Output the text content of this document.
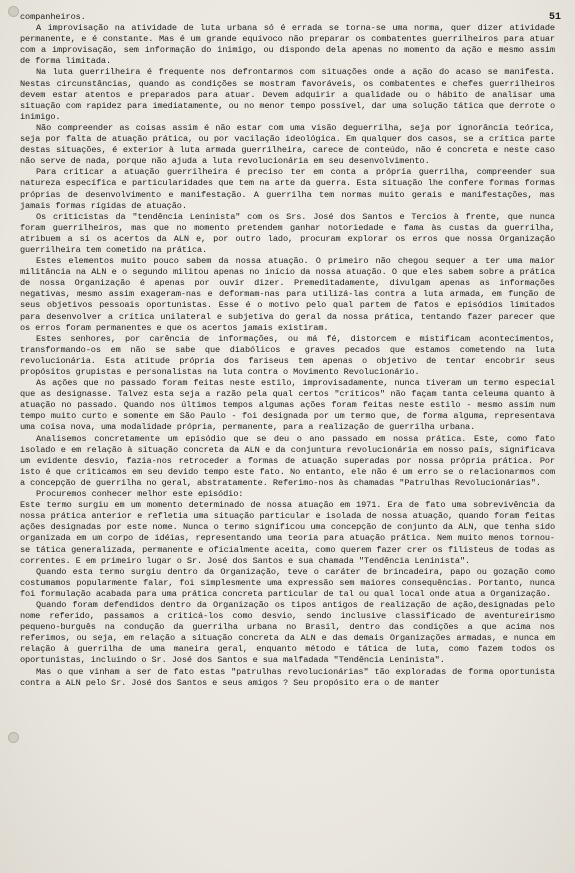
51

companheiros.

A improvisação na atividade de luta urbana só é errada se torna-se uma norma, quer dizer atividade permanente, e é constante. Mas é um grande equívoco não preparar os combatentes guerrilheiros para atuar com a improvisação, sem informação do inimigo, ou dispondo dela apenas no momento da ação e mesmo assim de forma limitada.

Na luta guerrilheira é frequente nos defrontarmos com situações onde a ação do acaso se manifesta. Nestas circunstâncias, quando as condições se mostram favoráveis, os combatentes e chefes guerrilheiros devem estar atentos e preparados para atuar. Devem adquirir a qualidade ou o hábito de analisar uma situação com rapidez para imediatamente, ou no menor tempo possível, dar uma solução tática que derrote o inimigo.

Não compreender as coisas assim é não estar com uma visão deguerrilha, seja por ignorância teórica, seja por falta de atuação prática, ou por vacilação ideológica. Em qualquer dos casos, se a crítica parte destas situações, é exterior à luta armada guerrilheira, carece de conteúdo, não é concreta e neste caso não serve de nada, porque não ajuda a luta revolucionária em seu desenvolvimento.

Para criticar a atuação guerrilheira é preciso ter em conta a própria guerrilha, compreender sua natureza específica e particularidades que tem na arte da guerra. Esta situação lhe confere formas formas próprias de desenvolvimento e manifestação. A guerrilha tem normas muito gerais e manifestações, mas jamais formas rígidas de atuação.

Os criticistas da "tendência Leninista" com os Srs. José dos Santos e Tercios à frente, que nunca foram guerrilheiros, mas que no momento pretendem ganhar notoriedade e fama às custas da guerrilha, atribuem a si os acertos da ALN e, por outro lado, procuram explorar os erros que nossa Organização guerrilheira tem cometido na prática.

Estes elementos muito pouco sabem da nossa atuação. O primeiro não chegou sequer a ter uma maior militância na ALN e o segundo militou apenas no início da nossa atuação. O que eles sabem sobre a prática de nossa Organização é apenas por ouvir dizer. Premeditadamente, divulgam apenas as informações negativas, mesmo assim exageram-nas e deformam-nas para utilizá-las contra a luta armada, em função de seus objetivos pessoais oportunistas. Esse é o motivo pelo qual partem de fatos e episódios limitados para desenvolver a crítica unilateral e subjetiva do geral da nossa prática, tentando fazer parecer que os erros foram permanentes e que os acertos jamais existiram.

Estes senhores, por carência de informações, ou má fé, distorcem e mistificam acontecimentos, transformando-os em não se sabe que diabólicos e graves pecados que estamos cometendo na luta revolucionária. Esta atitude própria dos fariseus tem apenas o objetivo de tentar encobrir seus propósitos grupistas e personalistas na luta contra o Movimento Revolucionário.

As ações que no passado foram feitas neste estilo, improvisadamente, nunca tiveram um termo especial que as designasse. Talvez esta seja a razão pela qual certos "críticos" não façam tanta celeuma quanto à atuação no passado. Quando nos últimos tempos algumas ações foram feitas neste estilo - mesmo assim num tempo muito curto e somente em São Paulo - foi designada por um termo que, de forma alguma, representava uma coisa nova, uma modalidade própria, permanente, para a realização de guerrilha urbana.

Analisemos concretamente um episódio que se deu o ano passado em nossa prática. Este, como fato isolado e em relação à situação concreta da ALN e da conjuntura revolucionária em nosso país, significava um evidente desvio, fazia-nos retroceder a formas de atuação superadas por nossa própria prática. Por isto é que criticamos em seu devido tempo este fato. No entanto, ele não é um erro se o relacionarmos com a concepção de guerrilha no geral, abstratamente. Referimo-nos às chamadas "Patrulhas Revolucionárias".

Procuremos conhecer melhor este episódio:

Este termo surgiu em um momento determinado de nossa atuação em 1971. Era de fato uma sobrevivência da nossa prática anterior e refletia uma situação particular e isolada de nossa atuação, quando foram feitas ações designadas por este nome. Nunca o termo significou uma concepção de conjunto da ALN, que tenha sido organizada em um corpo de idéias, representando uma teoria para atuação prática. Nem muito menos tornou-se tática generalizada, permanente e oficialmente aceita, como querem fazer crer os filisteus de todas as correntes. E em primeiro lugar o Sr. José dos Santos e sua chamada "Tendência Leninista".

Quando esta termo surgiu dentro da Organização, teve o caráter de brincadeira, papo ou gozação como costumamos popularmente falar, foi simplesmente uma expressão sem maiores consequências. Portanto, nunca foi formulação acabada para uma prática concreta particular de tal ou qual local onde atua a Organização.

Quando foram defendidos dentro da Organização os tipos antigos de realização de ação,designadas pelo nome referido, passamos a criticá-los como desvio, sendo inclusive classificado de aventureirismo pequeno-burguês na condução da guerrilha urbana no Brasil, dentro das condições a que acima nos referimos, ou seja, em relação a situação concreta da ALN e das demais Organizações armadas, e nunca em relação à guerrilha de uma maneira geral, enquanto método e tática de luta, como fazem todos os oportunistas, incluindo o Sr. José dos Santos e sua malfadada "Tendência Leninista".

Mas o que vinham a ser de fato estas "patrulhas revolucionárias" tão exploradas de forma oportunista contra a ALN pelo Sr. José dos Santos e seus amigos ? Seu propósito era o de manter
